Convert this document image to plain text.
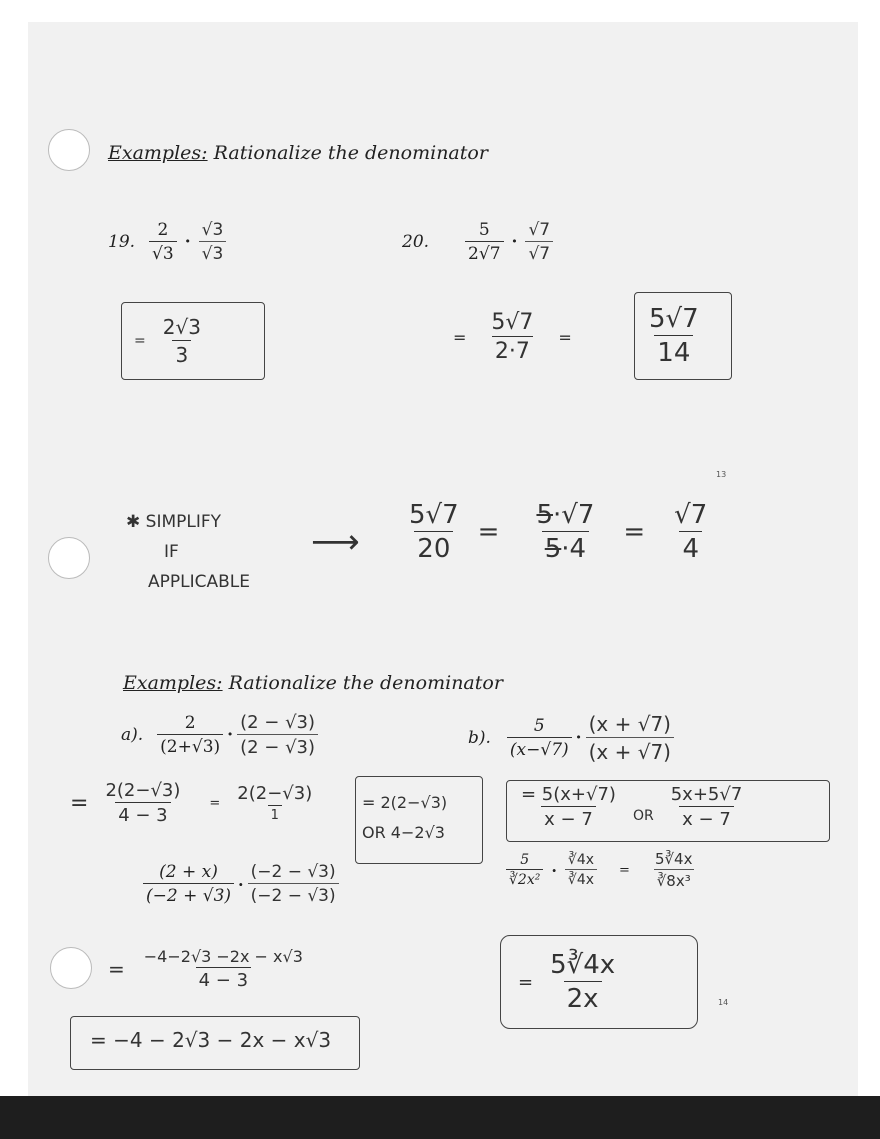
Examples: Rationalize the denominator
19. $\frac{2}{√3} \cdot \frac{√3}{√3}$
= $\frac{2√3}{3}$
20. $\frac{5}{2√7} \cdot \frac{√7}{√7}$
= $\frac{5√7}{2\cdot 7}$ =	$\frac{5√7}{14}$
13
✱ SIMPLIFY
IF
APPLICABLE
⟶ $\frac{5√7}{20} = \frac{5\cdot√7}{5\cdot 4} = \frac{√7}{4}$
Examples: Rationalize the denominator
a). $\frac{2}{(2+√3)} \cdot \frac{(2 - √3)}{(2 - √3)}$
= $\frac{2(2-√3)}{4 - 3} = \frac{2(2-√3)}{1}$	= 2(2−√3)
OR 4−2√3
$\frac{(2 + x)}{(-2 + √3)} \cdot \frac{(-2 - √3)}{(-2 - √3)}$
= $\frac{-4-2√3 -2x - x√3}{4 - 3}$
= −4 − 2√3 − 2x − x√3
b). $\frac{5}{(x-√7)} \cdot \frac{(x + √7)}{(x + √7)}$
$\frac{= 5(x+√7)}{x - 7}$ OR $\frac{5x+5√7}{x - 7}$
$\frac{5}{\text{∛2x²}} \cdot \frac{∛4x}{∛4x} = \frac{5∛4x}{\text{∛8x³}}$
= $\frac{5∛4x}{2x}$	14
